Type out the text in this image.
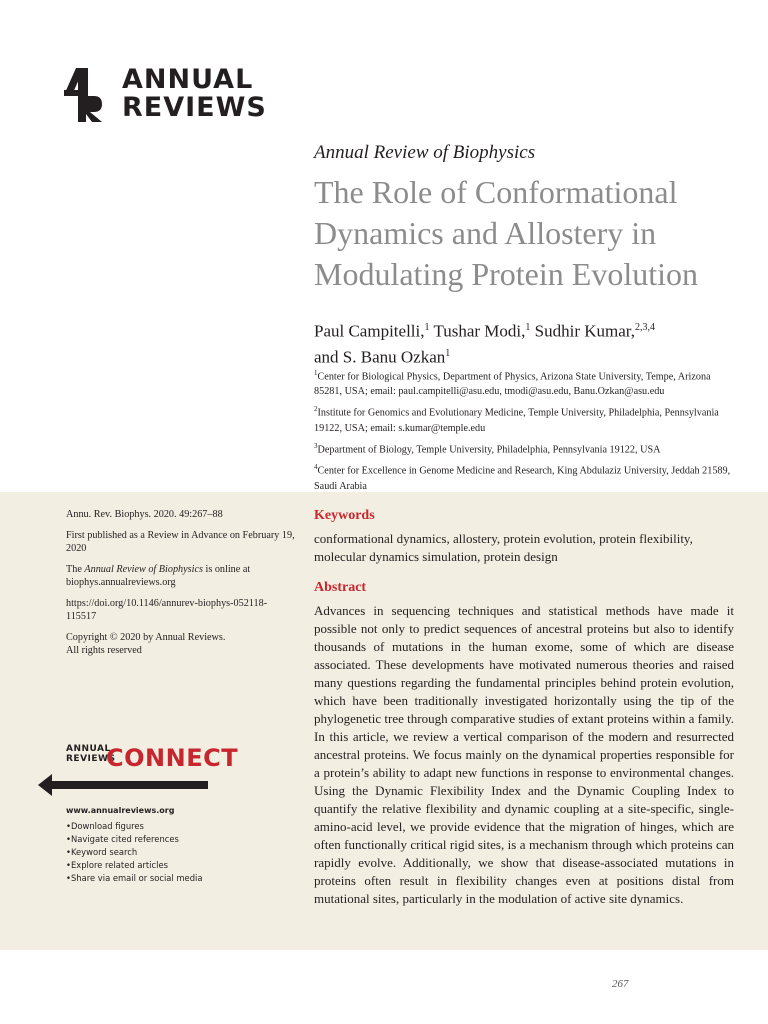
ANNUAL
REVIEWS
Annual Review of Biophysics
The Role of Conformational Dynamics and Allostery in Modulating Protein Evolution
Paul Campitelli,$^1$ Tushar Modi,$^1$ Sudhir Kumar,$^{2,3,4}$
and S. Banu Ozkan$^1$
$^1$Center for Biological Physics, Department of Physics, Arizona State University, Tempe, Arizona 85281, USA; email: paul.campitelli@asu.edu, tmodi@asu.edu, Banu.Ozkan@asu.edu
$^2$Institute for Genomics and Evolutionary Medicine, Temple University, Philadelphia, Pennsylvania 19122, USA; email: s.kumar@temple.edu
$^3$Department of Biology, Temple University, Philadelphia, Pennsylvania 19122, USA
$^4$Center for Excellence in Genome Medicine and Research, King Abdulaziz University, Jeddah 21589, Saudi Arabia

Annu. Rev. Biophys. 2020. 49:267–88

First published as a Review in Advance on February 19, 2020

The Annual Review of Biophysics is online at biophys.annualreviews.org

https://doi.org/10.1146/annurev-biophys-052118-115517

Copyright © 2020 by Annual Reviews.
All rights reserved

ANNUAL
REVIEWS
CONNECT
www.annualreviews.org
• Download figures
• Navigate cited references
• Keyword search
• Explore related articles
• Share via email or social media
Keywords

conformational dynamics, allostery, protein evolution, protein flexibility, molecular dynamics simulation, protein design

Abstract

Advances in sequencing techniques and statistical methods have made it possible not only to predict sequences of ancestral proteins but also to identify thousands of mutations in the human exome, some of which are disease associated. These developments have motivated numerous theories and raised many questions regarding the fundamental principles behind protein evolution, which have been traditionally investigated horizontally using the tip of the phylogenetic tree through comparative studies of extant proteins within a family. In this article, we review a vertical comparison of the modern and resurrected ancestral proteins. We focus mainly on the dynamical properties responsible for a protein’s ability to adapt new functions in response to environmental changes. Using the Dynamic Flexibility Index and the Dynamic Coupling Index to quantify the relative flexibility and dynamic coupling at a site-specific, single-amino-acid level, we provide evidence that the migration of hinges, which are often functionally critical rigid sites, is a mechanism through which proteins can rapidly evolve. Additionally, we show that disease-associated mutations in proteins often result in flexibility changes even at positions distal from mutational sites, particularly in the modulation of active site dynamics.

267
